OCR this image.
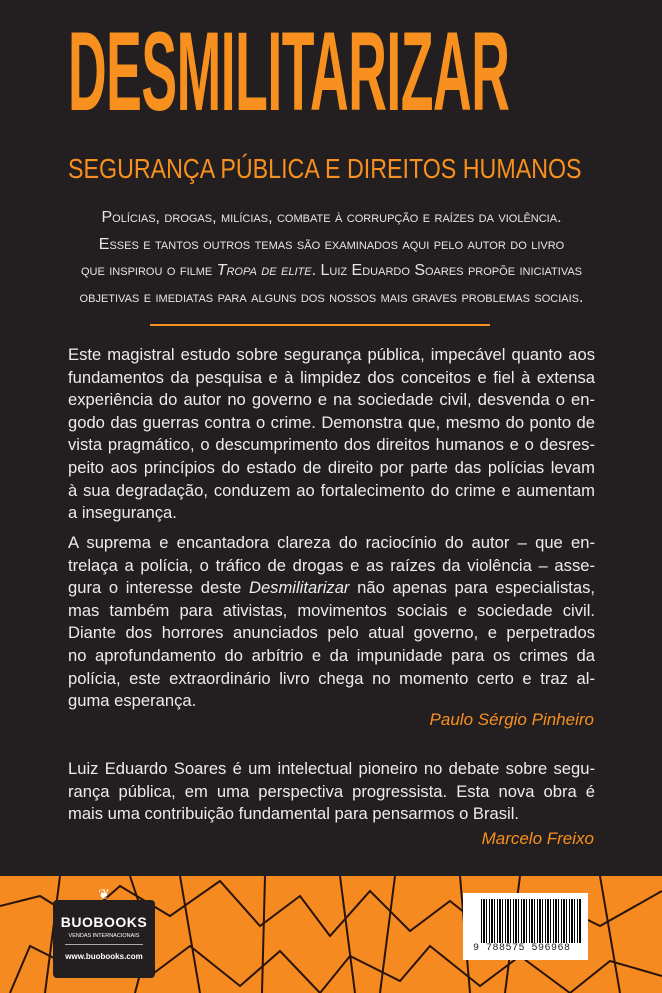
DESMILITARIZAR
SEGURANÇA PÚBLICA E DIREITOS HUMANOS
Polícias, drogas, milícias, combate à corrupção e raízes da violência.
Esses e tantos outros temas são examinados aqui pelo autor do livro
que inspirou o filme Tropa de elite. Luiz Eduardo Soares propõe iniciativas
objetivas e imediatas para alguns dos nossos mais graves problemas sociais.
Este magistral estudo sobre segurança pública, impecável quanto aos
fundamentos da pesquisa e à limpidez dos conceitos e fiel à extensa
experiência do autor no governo e na sociedade civil, desvenda o en-
godo das guerras contra o crime. Demonstra que, mesmo do ponto de
vista pragmático, o descumprimento dos direitos humanos e o desres-
peito aos princípios do estado de direito por parte das polícias levam
à sua degradação, conduzem ao fortalecimento do crime e aumentam
a insegurança.
A suprema e encantadora clareza do raciocínio do autor – que en-
trelaça a polícia, o tráfico de drogas e as raízes da violência – asse-
gura o interesse deste Desmilitarizar não apenas para especialistas,
mas também para ativistas, movimentos sociais e sociedade civil.
Diante dos horrores anunciados pelo atual governo, e perpetrados
no aprofundamento do arbítrio e da impunidade para os crimes da
polícia, este extraordinário livro chega no momento certo e traz al-
guma esperança.
Paulo Sérgio Pinheiro
Luiz Eduardo Soares é um intelectual pioneiro no debate sobre segu-
rança pública, em uma perspectiva progressista. Esta nova obra é
mais uma contribuição fundamental para pensarmos o Brasil.
Marcelo Freixo
❦
BUOBOOKS
VENDAS INTERNACIONAIS
www.buobooks.com
9 788575 596968
